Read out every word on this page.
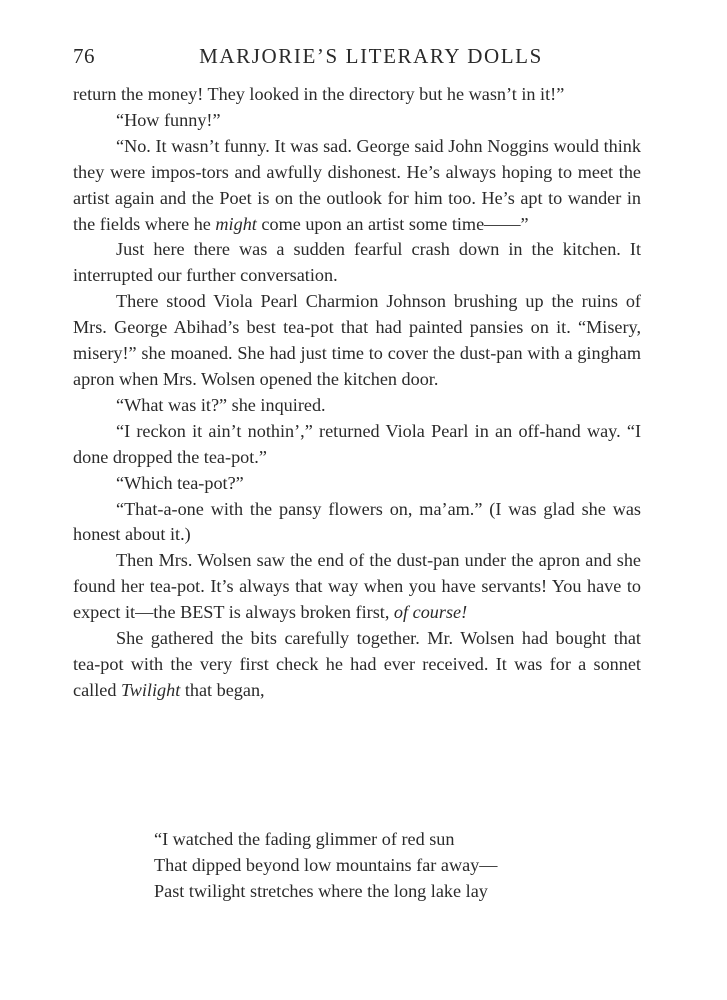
76	MARJORIE’S LITERARY DOLLS

return the money! They looked in the directory but he wasn’t in it!”

“How funny!”

“No. It wasn’t funny. It was sad. George said John Noggins would think they were impos-tors and awfully dishonest. He’s always hoping to meet the artist again and the Poet is on the outlook for him too. He’s apt to wander in the fields where he might come upon an artist some time——”

Just here there was a sudden fearful crash down in the kitchen. It interrupted our further conversation.

There stood Viola Pearl Charmion Johnson brushing up the ruins of Mrs. George Abihad’s best tea-pot that had painted pansies on it. “Misery, misery!” she moaned. She had just time to cover the dust-pan with a gingham apron when Mrs. Wolsen opened the kitchen door.

“What was it?” she inquired.

“I reckon it ain’t nothin’,” returned Viola Pearl in an off-hand way. “I done dropped the tea-pot.”

“Which tea-pot?”

“That-a-one with the pansy flowers on, ma’am.” (I was glad she was honest about it.)

Then Mrs. Wolsen saw the end of the dust-pan under the apron and she found her tea-pot. It’s always that way when you have servants! You have to expect it—the BEST is always broken first, of course!

She gathered the bits carefully together. Mr. Wolsen had bought that tea-pot with the very first check he had ever received. It was for a sonnet called Twilight that began,

“I watched the fading glimmer of red sun
That dipped beyond low mountains far away—
Past twilight stretches where the long lake lay
